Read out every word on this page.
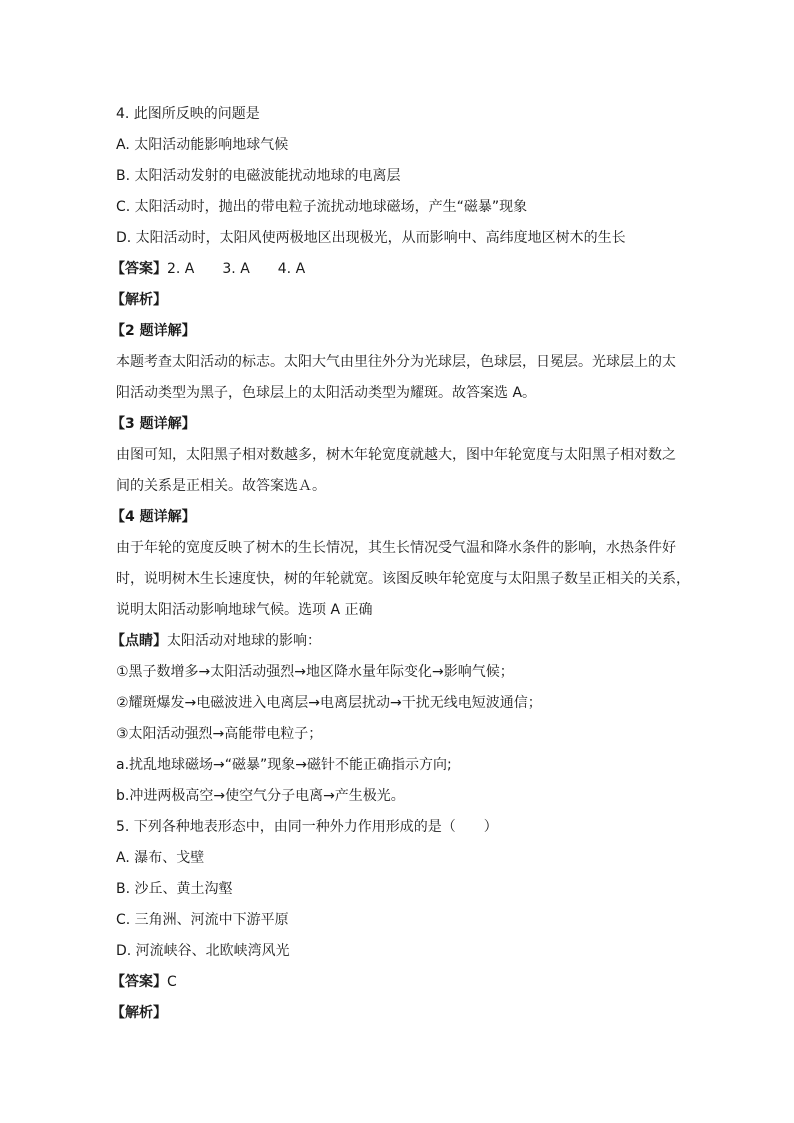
4. 此图所反映的问题是
A. 太阳活动能影响地球气候
B. 太阳活动发射的电磁波能扰动地球的电离层
C. 太阳活动时，抛出的带电粒子流扰动地球磁场，产生“磁暴”现象
D. 太阳活动时，太阳风使两极地区出现极光，从而影响中、高纬度地区树木的生长
【答案】2. A　　3. A　　4. A
【解析】
【2 题详解】
本题考查太阳活动的标志。太阳大气由里往外分为光球层，色球层，日冕层。光球层上的太
阳活动类型为黑子，色球层上的太阳活动类型为耀斑。故答案选 A。
【3 题详解】
由图可知，太阳黑子相对数越多，树木年轮宽度就越大，图中年轮宽度与太阳黑子相对数之
间的关系是正相关。故答案选Ａ。
【4 题详解】
由于年轮的宽度反映了树木的生长情况，其生长情况受气温和降水条件的影响，水热条件好
时，说明树木生长速度快，树的年轮就宽。该图反映年轮宽度与太阳黑子数呈正相关的关系，
说明太阳活动影响地球气候。选项 A 正确
【点睛】太阳活动对地球的影响：
①黑子数增多→太阳活动强烈→地区降水量年际变化→影响气候；
②耀斑爆发→电磁波进入电离层→电离层扰动→干扰无线电短波通信；
③太阳活动强烈→高能带电粒子；
a.扰乱地球磁场→“磁暴”现象→磁针不能正确指示方向;
b.冲进两极高空→使空气分子电离→产生极光。
5. 下列各种地表形态中，由同一种外力作用形成的是（　　）
A. 瀑布、戈壁
B. 沙丘、黄土沟壑
C. 三角洲、河流中下游平原
D. 河流峡谷、北欧峡湾风光
【答案】C
【解析】
